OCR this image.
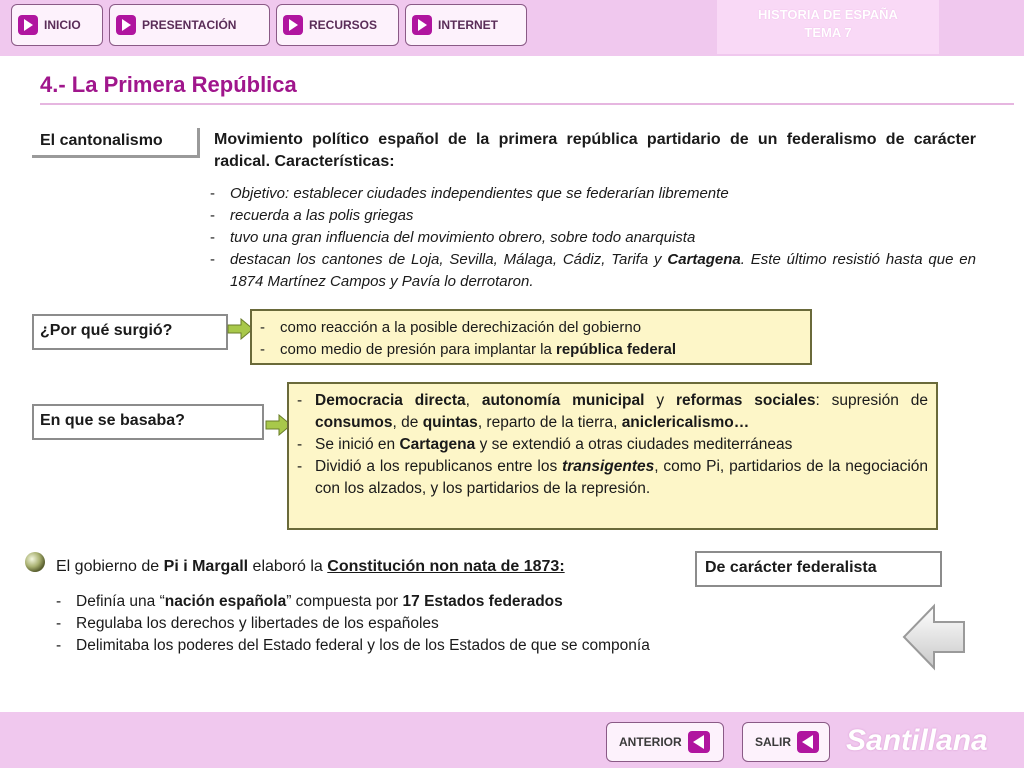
INICIO	PRESENTACIÓN	RECURSOS	INTERNET
HISTORIA DE ESPAÑA
TEMA 7
4.- La Primera República
El cantonalismo	Movimiento político español de la primera república partidario de un federalismo de carácter radical. Características:
-	Objetivo: establecer ciudades independientes que se federarían libremente
-	recuerda a las polis griegas
-	tuvo una gran influencia del movimiento obrero, sobre todo anarquista
-	destacan los cantones de Loja, Sevilla, Málaga, Cádiz, Tarifa y Cartagena. Este último resistió hasta que en 1874 Martínez Campos y Pavía lo derrotaron.
¿Por qué surgió?	-	como reacción a la posible derechización del gobierno
-	como medio de presión para implantar la república federal
En que se basaba?
- Democracia directa, autonomía municipal y reformas sociales: supresión de consumos, de quintas, reparto de la tierra, aniclericalismo…
- Se inició en Cartagena y se extendió a otras ciudades mediterráneas
- Dividió a los republicanos entre los transigentes, como Pi, partidarios de la negociación con los alzados, y los partidarios de la represión.
El gobierno de Pi i Margall elaboró la Constitución non nata de 1873:	De carácter federalista
- Definía una “nación española” compuesta por 17 Estados federados
- Regulaba los derechos y libertades de los españoles
- Delimitaba los poderes del Estado federal y los de los Estados de que se componía
ANTERIOR	SALIR Santillana
